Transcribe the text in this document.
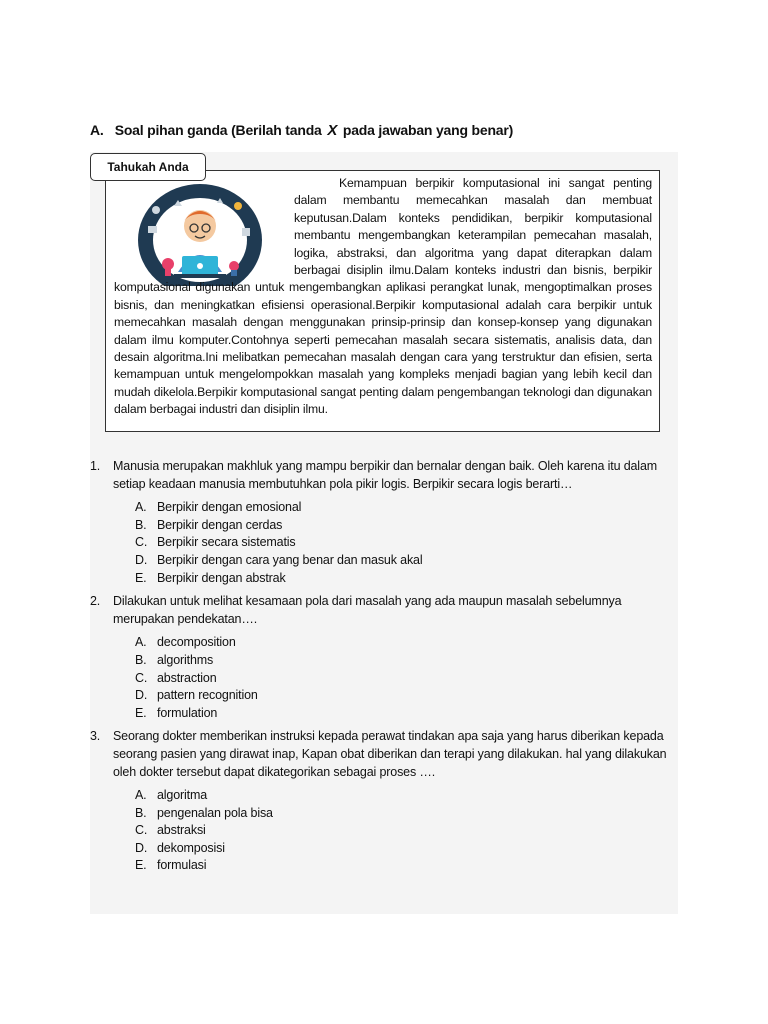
A. Soal pihan ganda (Berilah tanda X pada jawaban yang benar)
Tahukah Anda
Kemampuan berpikir komputasional ini sangat penting dalam membantu memecahkan masalah dan membuat keputusan.Dalam konteks pendidikan, berpikir komputasional membantu mengembangkan keterampilan pemecahan masalah, logika, abstraksi, dan algoritma yang dapat diterapkan dalam berbagai disiplin ilmu.Dalam konteks industri dan bisnis, berpikir komputasional digunakan untuk mengembangkan aplikasi perangkat lunak, mengoptimalkan proses bisnis, dan meningkatkan efisiensi operasional.Berpikir komputasional adalah cara berpikir untuk memecahkan masalah dengan menggunakan prinsip-prinsip dan konsep-konsep yang digunakan dalam ilmu komputer.Contohnya seperti pemecahan masalah secara sistematis, analisis data, dan desain algoritma.Ini melibatkan pemecahan masalah dengan cara yang terstruktur dan efisien, serta kemampuan untuk mengelompokkan masalah yang kompleks menjadi bagian yang lebih kecil dan mudah dikelola.Berpikir komputasional sangat penting dalam pengembangan teknologi dan digunakan dalam berbagai industri dan disiplin ilmu.
1. Manusia merupakan makhluk yang mampu berpikir dan bernalar dengan baik. Oleh karena itu dalam setiap keadaan manusia membutuhkan pola pikir logis. Berpikir secara logis berarti…
A. Berpikir dengan emosional
B. Berpikir dengan cerdas
C. Berpikir secara sistematis
D. Berpikir dengan cara yang benar dan masuk akal
E. Berpikir dengan abstrak
2. Dilakukan untuk melihat kesamaan pola dari masalah yang ada maupun masalah sebelumnya merupakan pendekatan….
A. decomposition
B. algorithms
C. abstraction
D. pattern recognition
E. formulation
3. Seorang dokter memberikan instruksi kepada perawat tindakan apa saja yang harus diberikan kepada seorang pasien yang dirawat inap, Kapan obat diberikan dan terapi yang dilakukan. hal yang dilakukan oleh dokter tersebut dapat dikategorikan sebagai proses ….
A. algoritma
B. pengenalan pola bisa
C. abstraksi
D. dekomposisi
E. formulasi
